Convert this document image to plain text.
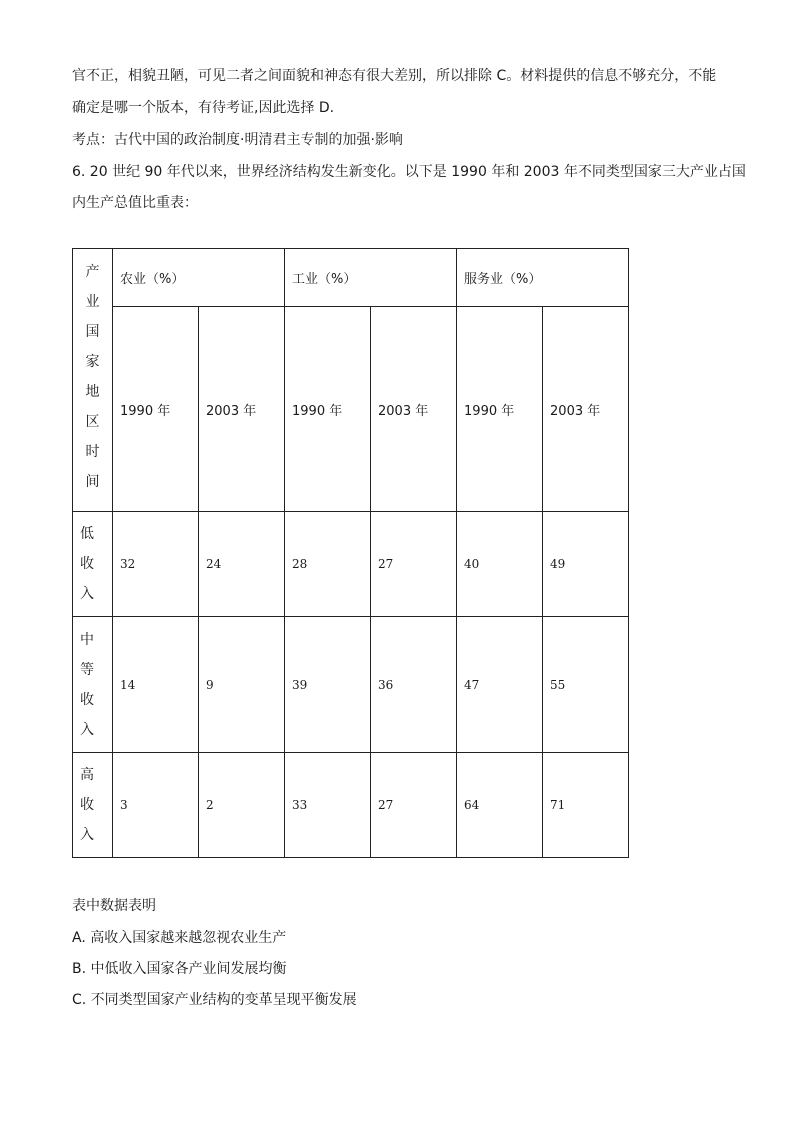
官不正，相貌丑陋，可见二者之间面貌和神态有很大差别，所以排除 C。材料提供的信息不够充分，不能
确定是哪一个版本，有待考证,因此选择 D.
考点：古代中国的政治制度·明清君主专制的加强·影响
6. 20 世纪 90 年代以来，世界经济结构发生新变化。以下是 1990 年和 2003 年不同类型国家三大产业占国
内生产总值比重表：
产业国家地区时间	农业（%）		工业（%）		服务业（%）	
	1990 年	2003 年	1990 年	2003 年	1990 年	2003 年
低收入	32	24	28	27	40	49
中等收入	14	9	39	36	47	55
高收入	3	2	33	27	64	71
表中数据表明
A. 高收入国家越来越忽视农业生产
B. 中低收入国家各产业间发展均衡
C. 不同类型国家产业结构的变革呈现平衡发展
